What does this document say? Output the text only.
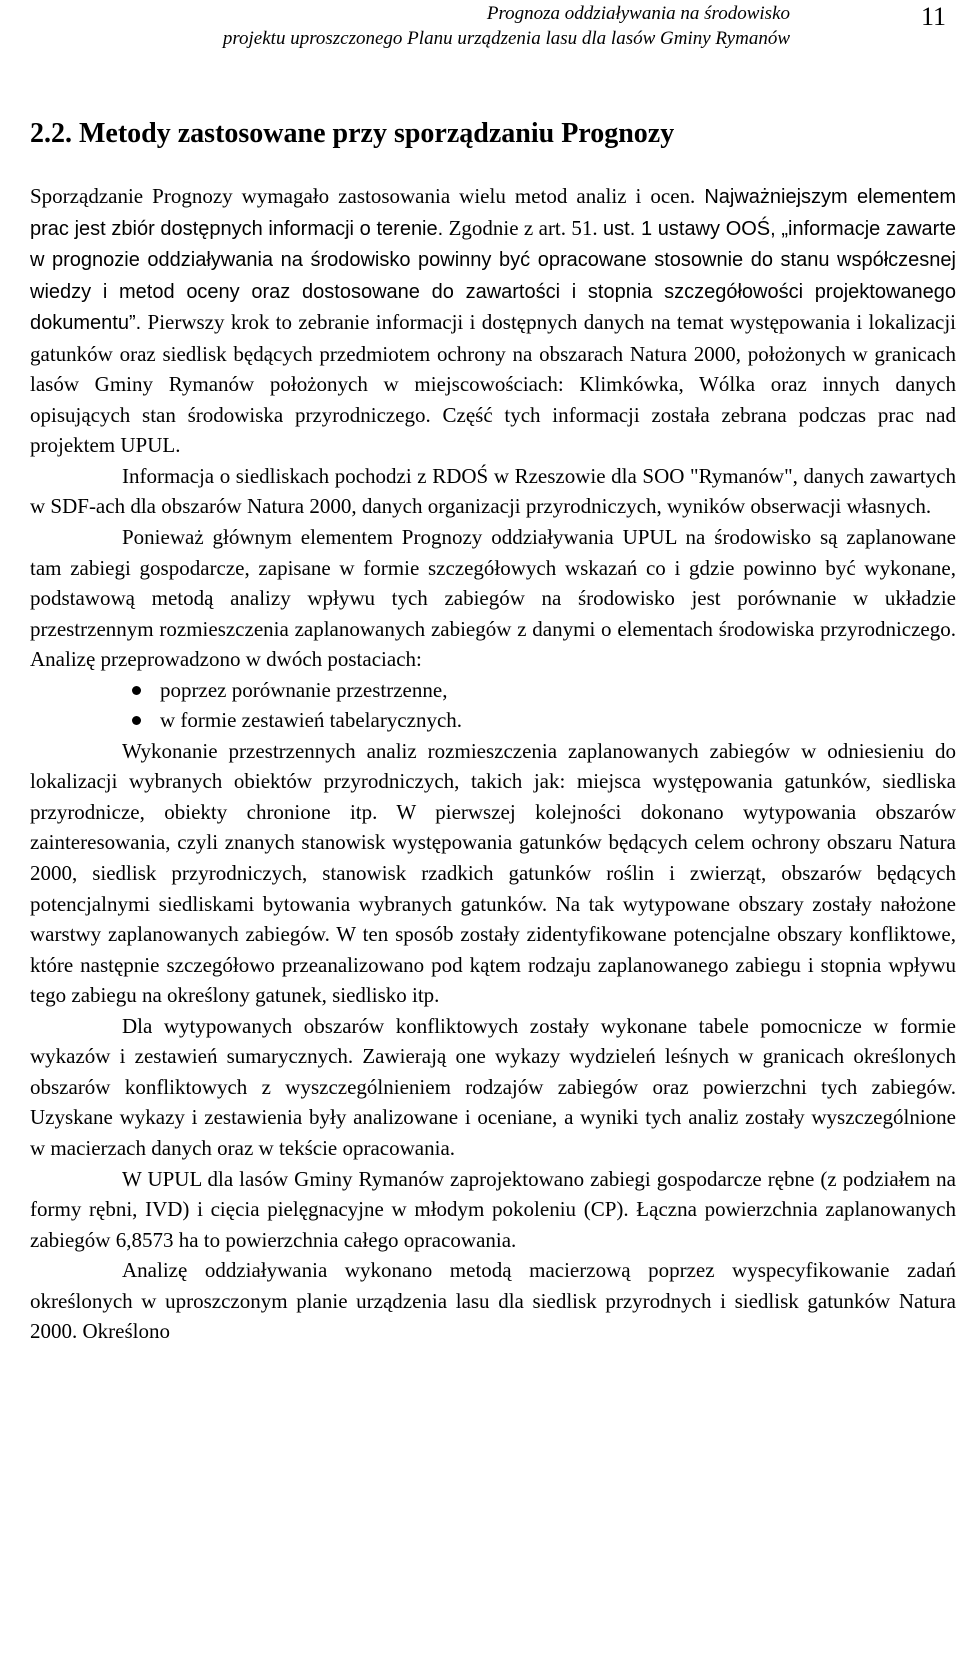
Prognoza oddziaływania na środowisko
projektu uproszczonego Planu urządzenia lasu dla lasów Gminy Rymanów
11
2.2. Metody zastosowane przy sporządzaniu Prognozy

Sporządzanie Prognozy wymagało zastosowania wielu metod analiz i ocen. Najważniejszym elementem prac jest zbiór dostępnych informacji o terenie. Zgodnie z art. 51. ust. 1 ustawy OOŚ, „informacje zawarte w prognozie oddziaływania na środowisko powinny być opracowane stosownie do stanu współczesnej wiedzy i metod oceny oraz dostosowane do zawartości i stopnia szczegółowości projektowanego dokumentu”. Pierwszy krok to zebranie informacji i dostępnych danych na temat występowania i lokalizacji gatunków oraz siedlisk będących przedmiotem ochrony na obszarach Natura 2000, położonych w granicach lasów Gminy Rymanów położonych w miejscowościach: Klimkówka, Wólka oraz innych danych opisujących stan środowiska przyrodniczego. Część tych informacji została zebrana podczas prac nad projektem UPUL.

Informacja o siedliskach pochodzi z RDOŚ w Rzeszowie dla SOO "Rymanów", danych zawartych w SDF-ach dla obszarów Natura 2000, danych organizacji przyrodniczych, wyników obserwacji własnych.

Ponieważ głównym elementem Prognozy oddziaływania UPUL na środowisko są zaplanowane tam zabiegi gospodarcze, zapisane w formie szczegółowych wskazań co i gdzie powinno być wykonane, podstawową metodą analizy wpływu tych zabiegów na środowisko jest porównanie w układzie przestrzennym rozmieszczenia zaplanowanych zabiegów z danymi o elementach środowiska przyrodniczego. Analizę przeprowadzono w dwóch postaciach:

poprzez porównanie przestrzenne,
w formie zestawień tabelarycznych.

Wykonanie przestrzennych analiz rozmieszczenia zaplanowanych zabiegów w odniesieniu do lokalizacji wybranych obiektów przyrodniczych, takich jak: miejsca występowania gatunków, siedliska przyrodnicze, obiekty chronione itp. W pierwszej kolejności dokonano wytypowania obszarów zainteresowania, czyli znanych stanowisk występowania gatunków będących celem ochrony obszaru Natura 2000, siedlisk przyrodniczych, stanowisk rzadkich gatunków roślin i zwierząt, obszarów będących potencjalnymi siedliskami bytowania wybranych gatunków. Na tak wytypowane obszary zostały nałożone warstwy zaplanowanych zabiegów. W ten sposób zostały zidentyfikowane potencjalne obszary konfliktowe, które następnie szczegółowo przeanalizowano pod kątem rodzaju zaplanowanego zabiegu i stopnia wpływu tego zabiegu na określony gatunek, siedlisko itp.

Dla wytypowanych obszarów konfliktowych zostały wykonane tabele pomocnicze w formie wykazów i zestawień sumarycznych. Zawierają one wykazy wydzieleń leśnych w granicach określonych obszarów konfliktowych z wyszczególnieniem rodzajów zabiegów oraz powierzchni tych zabiegów. Uzyskane wykazy i zestawienia były analizowane i oceniane, a wyniki tych analiz zostały wyszczególnione w macierzach danych oraz w tekście opracowania.

W UPUL dla lasów Gminy Rymanów zaprojektowano zabiegi gospodarcze rębne (z podziałem na formy rębni, IVD) i cięcia pielęgnacyjne w młodym pokoleniu (CP). Łączna powierzchnia zaplanowanych zabiegów 6,8573 ha to powierzchnia całego opracowania.

Analizę oddziaływania wykonano metodą macierzową poprzez wyspecyfikowanie zadań określonych w uproszczonym planie urządzenia lasu dla siedlisk przyrodnych i siedlisk gatunków Natura 2000. Określono
